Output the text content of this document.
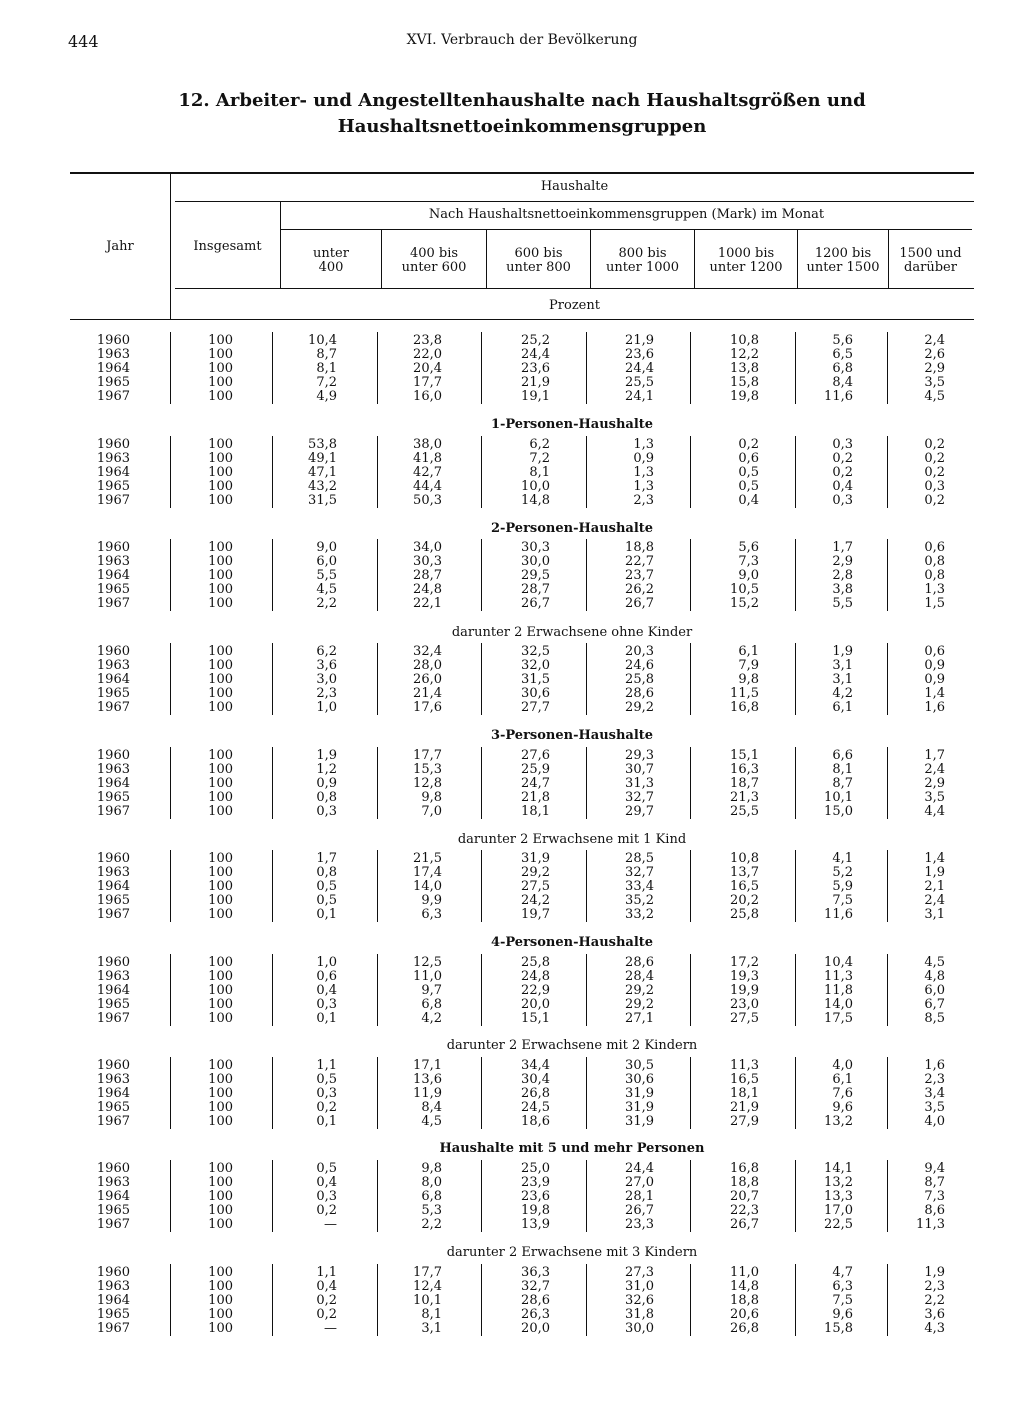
444	XVI. Verbrauch der Bevölkerung
12. Arbeiter- und Angestelltenhaushalte nach Haushaltsgrößen und
Haushaltsnettoeinkommensgruppen
Jahr
Haushalte
Insgesamt
Nach Haushaltsnettoeinkommensgruppen (Mark) im Monat
Prozent
unter
400
400 bis
unter 600
600 bis
unter 800
800 bis
unter 1000
1000 bis
unter 1200
1200 bis
unter 1500
1500 und
darüber
1960	100	10,4	23,8	25,2	21,9	10,8	5,6	2,4
1963	100	8,7	22,0	24,4	23,6	12,2	6,5	2,6
1964	100	8,1	20,4	23,6	24,4	13,8	6,8	2,9
1965	100	7,2	17,7	21,9	25,5	15,8	8,4	3,5
1967	100	4,9	16,0	19,1	24,1	19,8	11,6	4,5
1-Personen-Haushalte
1960	100	53,8	38,0	6,2	1,3	0,2	0,3	0,2
1963	100	49,1	41,8	7,2	0,9	0,6	0,2	0,2
1964	100	47,1	42,7	8,1	1,3	0,5	0,2	0,2
1965	100	43,2	44,4	10,0	1,3	0,5	0,4	0,3
1967	100	31,5	50,3	14,8	2,3	0,4	0,3	0,2
2-Personen-Haushalte
1960	100	9,0	34,0	30,3	18,8	5,6	1,7	0,6
1963	100	6,0	30,3	30,0	22,7	7,3	2,9	0,8
1964	100	5,5	28,7	29,5	23,7	9,0	2,8	0,8
1965	100	4,5	24,8	28,7	26,2	10,5	3,8	1,3
1967	100	2,2	22,1	26,7	26,7	15,2	5,5	1,5
darunter 2 Erwachsene ohne Kinder
1960	100	6,2	32,4	32,5	20,3	6,1	1,9	0,6
1963	100	3,6	28,0	32,0	24,6	7,9	3,1	0,9
1964	100	3,0	26,0	31,5	25,8	9,8	3,1	0,9
1965	100	2,3	21,4	30,6	28,6	11,5	4,2	1,4
1967	100	1,0	17,6	27,7	29,2	16,8	6,1	1,6
3-Personen-Haushalte
1960	100	1,9	17,7	27,6	29,3	15,1	6,6	1,7
1963	100	1,2	15,3	25,9	30,7	16,3	8,1	2,4
1964	100	0,9	12,8	24,7	31,3	18,7	8,7	2,9
1965	100	0,8	9,8	21,8	32,7	21,3	10,1	3,5
1967	100	0,3	7,0	18,1	29,7	25,5	15,0	4,4
darunter 2 Erwachsene mit 1 Kind
1960	100	1,7	21,5	31,9	28,5	10,8	4,1	1,4
1963	100	0,8	17,4	29,2	32,7	13,7	5,2	1,9
1964	100	0,5	14,0	27,5	33,4	16,5	5,9	2,1
1965	100	0,5	9,9	24,2	35,2	20,2	7,5	2,4
1967	100	0,1	6,3	19,7	33,2	25,8	11,6	3,1
4-Personen-Haushalte
1960	100	1,0	12,5	25,8	28,6	17,2	10,4	4,5
1963	100	0,6	11,0	24,8	28,4	19,3	11,3	4,8
1964	100	0,4	9,7	22,9	29,2	19,9	11,8	6,0
1965	100	0,3	6,8	20,0	29,2	23,0	14,0	6,7
1967	100	0,1	4,2	15,1	27,1	27,5	17,5	8,5
darunter 2 Erwachsene mit 2 Kindern
1960	100	1,1	17,1	34,4	30,5	11,3	4,0	1,6
1963	100	0,5	13,6	30,4	30,6	16,5	6,1	2,3
1964	100	0,3	11,9	26,8	31,9	18,1	7,6	3,4
1965	100	0,2	8,4	24,5	31,9	21,9	9,6	3,5
1967	100	0,1	4,5	18,6	31,9	27,9	13,2	4,0
Haushalte mit 5 und mehr Personen
1960	100	0,5	9,8	25,0	24,4	16,8	14,1	9,4
1963	100	0,4	8,0	23,9	27,0	18,8	13,2	8,7
1964	100	0,3	6,8	23,6	28,1	20,7	13,3	7,3
1965	100	0,2	5,3	19,8	26,7	22,3	17,0	8,6
1967	100	—	2,2	13,9	23,3	26,7	22,5	11,3
darunter 2 Erwachsene mit 3 Kindern
1960	100	1,1	17,7	36,3	27,3	11,0	4,7	1,9
1963	100	0,4	12,4	32,7	31,0	14,8	6,3	2,3
1964	100	0,2	10,1	28,6	32,6	18,8	7,5	2,2
1965	100	0,2	8,1	26,3	31,8	20,6	9,6	3,6
1967	100	—	3,1	20,0	30,0	26,8	15,8	4,3
